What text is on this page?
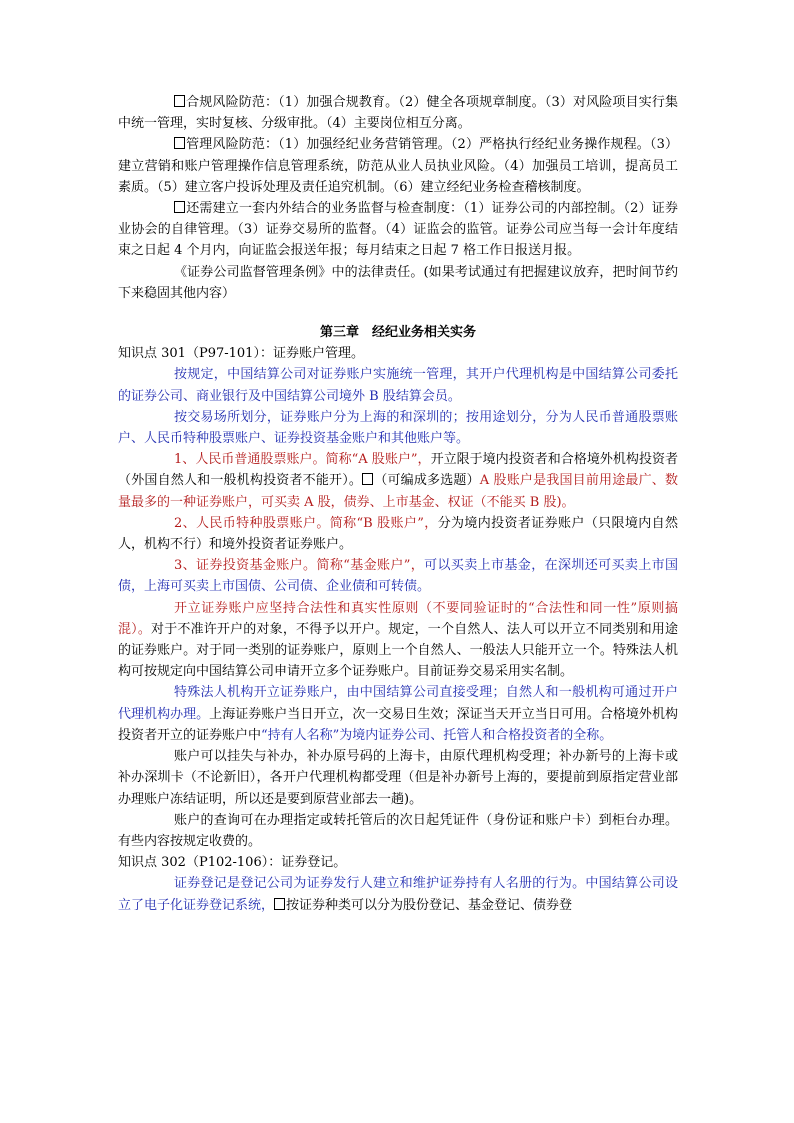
合规风险防范：（1）加强合规教育。（2）健全各项规章制度。（3）对风险项目实行集中统一管理，实时复核、分级审批。（4）主要岗位相互分离。

管理风险防范：（1）加强经纪业务营销管理。（2）严格执行经纪业务操作规程。（3）建立营销和账户管理操作信息管理系统，防范从业人员执业风险。（4）加强员工培训，提高员工素质。（5）建立客户投诉处理及责任追究机制。（6）建立经纪业务检查稽核制度。

还需建立一套内外结合的业务监督与检查制度：（1）证券公司的内部控制。（2）证券业协会的自律管理。（3）证券交易所的监督。（4）证监会的监管。证券公司应当每一会计年度结束之日起 4 个月内，向证监会报送年报；每月结束之日起 7 格工作日报送月报。

《证券公司监督管理条例》中的法律责任。(如果考试通过有把握建议放弃，把时间节约下来稳固其他内容）

第三章　经纪业务相关实务

知识点 301（P97-101）：证券账户管理。

按规定，中国结算公司对证券账户实施统一管理，其开户代理机构是中国结算公司委托的证券公司、商业银行及中国结算公司境外 B 股结算会员。

按交易场所划分，证券账户分为上海的和深圳的；按用途划分，分为人民币普通股票账户、人民币特种股票账户、证券投资基金账户和其他账户等。

1、人民币普通股票账户。简称“A 股账户”，开立限于境内投资者和合格境外机构投资者（外国自然人和一般机构投资者不能开）。 （可编成多选题）A 股账户是我国目前用途最广、数量最多的一种证券账户，可买卖 A 股，债券、上市基金、权证（不能买 B 股)。

2、人民币特种股票账户。简称“B 股账户”，分为境内投资者证券账户（只限境内自然人，机构不行）和境外投资者证券账户。

3、证券投资基金账户。简称“基金账户”，可以买卖上市基金，在深圳还可买卖上市国债，上海可买卖上市国债、公司债、企业债和可转债。

开立证券账户应坚持合法性和真实性原则（不要同验证时的“合法性和同一性”原则搞混）。对于不准许开户的对象，不得予以开户。规定，一个自然人、法人可以开立不同类别和用途的证券账户。对于同一类别的证券账户，原则上一个自然人、一般法人只能开立一个。特殊法人机构可按规定向中国结算公司申请开立多个证券账户。目前证券交易采用实名制。

特殊法人机构开立证券账户，由中国结算公司直接受理；自然人和一般机构可通过开户代理机构办理。上海证券账户当日开立，次一交易日生效；深证当天开立当日可用。合格境外机构投资者开立的证券账户中“持有人名称”为境内证券公司、托管人和合格投资者的全称。

账户可以挂失与补办，补办原号码的上海卡，由原代理机构受理；补办新号的上海卡或补办深圳卡（不论新旧），各开户代理机构都受理（但是补办新号上海的，要提前到原指定营业部办理账户冻结证明，所以还是要到原营业部去一趟)。

账户的查询可在办理指定或转托管后的次日起凭证件（身份证和账户卡）到柜台办理。有些内容按规定收费的。

知识点 302（P102-106）：证券登记。

证券登记是登记公司为证券发行人建立和维护证券持有人名册的行为。中国结算公司设立了电子化证券登记系统， 按证券种类可以分为股份登记、基金登记、债券登
